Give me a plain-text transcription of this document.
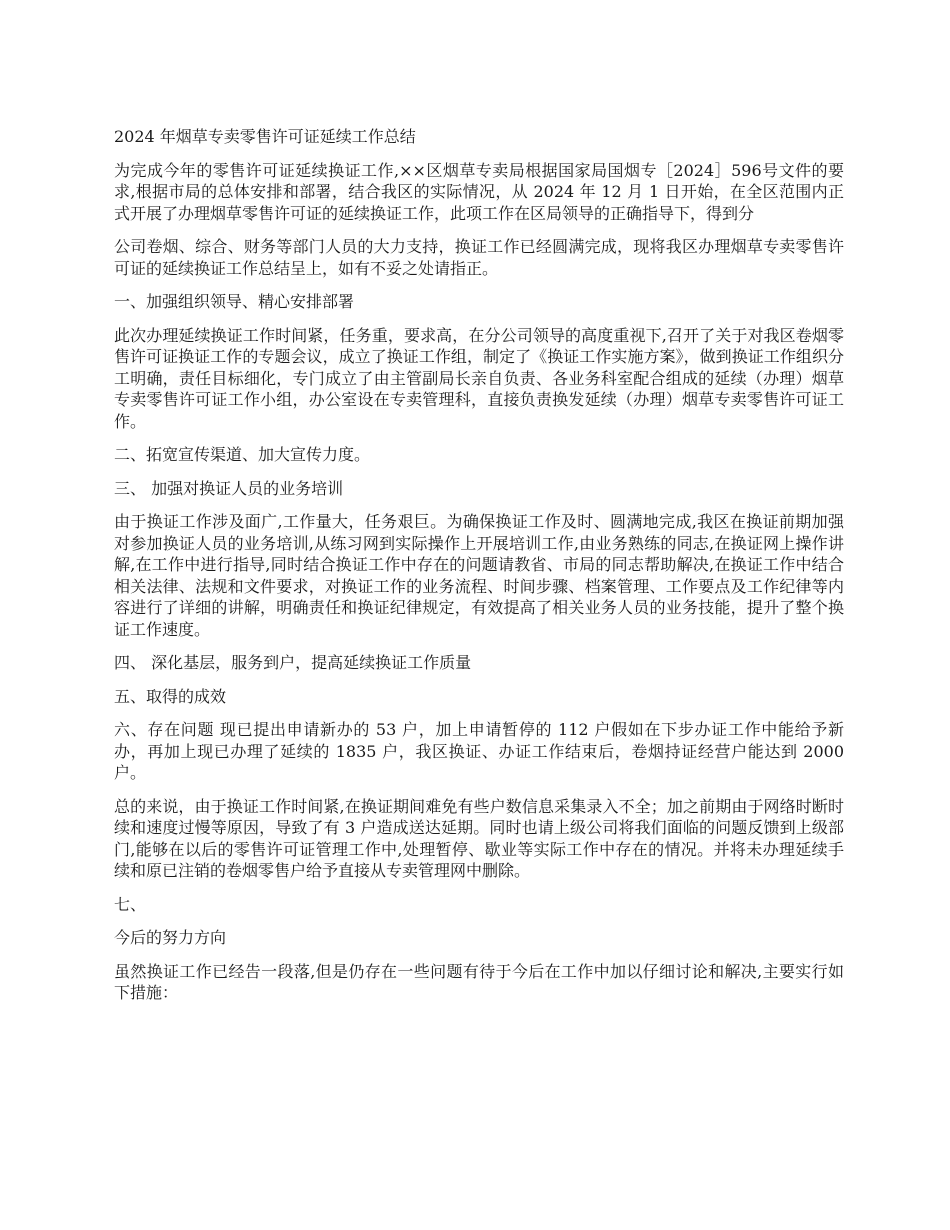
2024 年烟草专卖零售许可证延续工作总结
为完成今年的零售许可证延续换证工作,××区烟草专卖局根据国家局国烟专［2024］596号文件的要求,根据市局的总体安排和部署，结合我区的实际情况，从 2024 年 12 月 1 日开始，在全区范围内正式开展了办理烟草零售许可证的延续换证工作，此项工作在区局领导的正确指导下，得到分
公司卷烟、综合、财务等部门人员的大力支持，换证工作已经圆满完成，现将我区办理烟草专卖零售许可证的延续换证工作总结呈上，如有不妥之处请指正。
一、加强组织领导、精心安排部署
此次办理延续换证工作时间紧，任务重，要求高，在分公司领导的高度重视下,召开了关于对我区卷烟零售许可证换证工作的专题会议，成立了换证工作组，制定了《换证工作实施方案》，做到换证工作组织分工明确，责任目标细化，专门成立了由主管副局长亲自负责、各业务科室配合组成的延续（办理）烟草专卖零售许可证工作小组，办公室设在专卖管理科，直接负责换发延续（办理）烟草专卖零售许可证工作。
二、拓宽宣传渠道、加大宣传力度。
三、 加强对换证人员的业务培训
由于换证工作涉及面广,工作量大，任务艰巨。为确保换证工作及时、圆满地完成,我区在换证前期加强对参加换证人员的业务培训,从练习网到实际操作上开展培训工作,由业务熟练的同志,在换证网上操作讲解,在工作中进行指导,同时结合换证工作中存在的问题请教省、市局的同志帮助解决,在换证工作中结合相关法律、法规和文件要求，对换证工作的业务流程、时间步骤、档案管理、工作要点及工作纪律等内容进行了详细的讲解，明确责任和换证纪律规定，有效提高了相关业务人员的业务技能，提升了整个换证工作速度。
四、 深化基层，服务到户，提高延续换证工作质量
五、取得的成效
六、存在问题 现已提出申请新办的 53 户，加上申请暂停的 112 户假如在下步办证工作中能给予新办，再加上现已办理了延续的 1835 户，我区换证、办证工作结束后，卷烟持证经营户能达到 2000 户。
总的来说，由于换证工作时间紧,在换证期间难免有些户数信息采集录入不全；加之前期由于网络时断时续和速度过慢等原因，导致了有 3 户造成送达延期。同时也请上级公司将我们面临的问题反馈到上级部门,能够在以后的零售许可证管理工作中,处理暂停、歇业等实际工作中存在的情况。并将未办理延续手续和原已注销的卷烟零售户给予直接从专卖管理网中删除。
七、
今后的努力方向
虽然换证工作已经告一段落,但是仍存在一些问题有待于今后在工作中加以仔细讨论和解决,主要实行如下措施：
